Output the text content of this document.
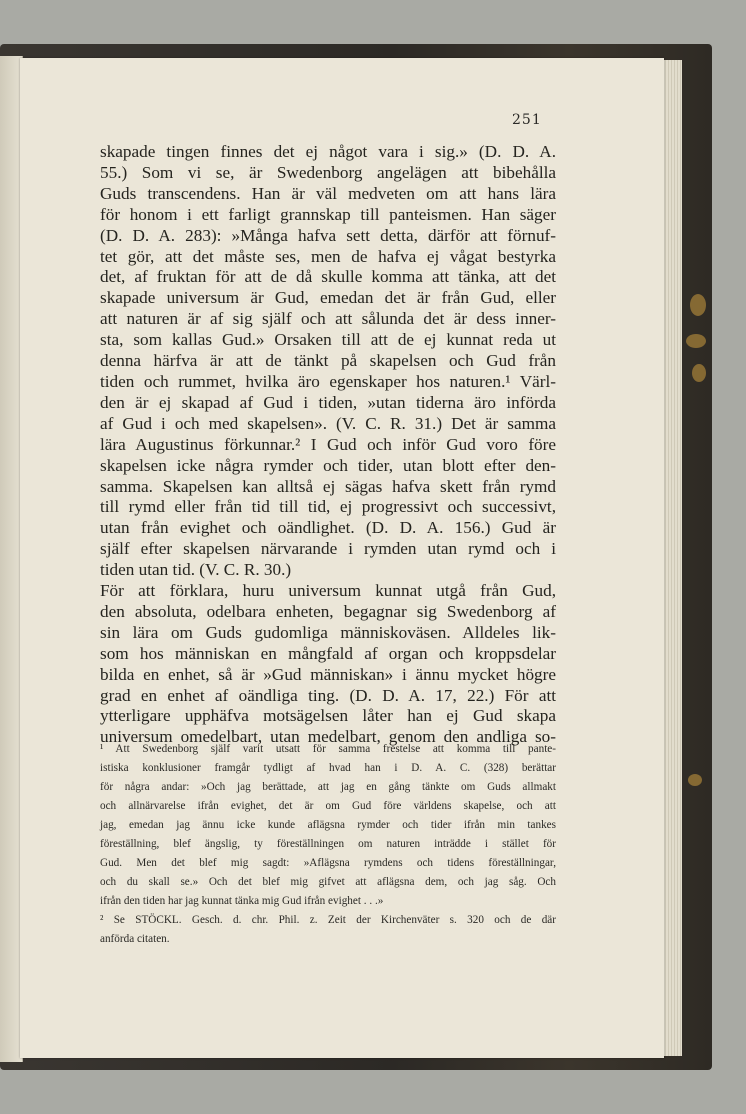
251
skapade tingen finnes det ej något vara i sig.» (D. D. A.
55.) Som vi se, är Swedenborg angelägen att bibehålla
Guds transcendens. Han är väl medveten om att hans lära
för honom i ett farligt grannskap till panteismen. Han säger
(D. D. A. 283): »Många hafva sett detta, därför att förnuf-
tet gör, att det måste ses, men de hafva ej vågat bestyrka
det, af fruktan för att de då skulle komma att tänka, att det
skapade universum är Gud, emedan det är från Gud, eller
att naturen är af sig själf och att sålunda det är dess inner-
sta, som kallas Gud.» Orsaken till att de ej kunnat reda ut
denna härfva är att de tänkt på skapelsen och Gud från
tiden och rummet, hvilka äro egenskaper hos naturen.¹ Värl-
den är ej skapad af Gud i tiden, »utan tiderna äro införda
af Gud i och med skapelsen». (V. C. R. 31.) Det är samma
lära Augustinus förkunnar.² I Gud och inför Gud voro före
skapelsen icke några rymder och tider, utan blott efter den-
samma. Skapelsen kan alltså ej sägas hafva skett från rymd
till rymd eller från tid till tid, ej progressivt och successivt,
utan från evighet och oändlighet. (D. D. A. 156.) Gud är
själf efter skapelsen närvarande i rymden utan rymd och i
tiden utan tid. (V. C. R. 30.)
För att förklara, huru universum kunnat utgå från Gud,
den absoluta, odelbara enheten, begagnar sig Swedenborg af
sin lära om Guds gudomliga människoväsen. Alldeles lik-
som hos människan en mångfald af organ och kroppsdelar
bilda en enhet, så är »Gud människan» i ännu mycket högre
grad en enhet af oändliga ting. (D. D. A. 17, 22.) För att
ytterligare upphäfva motsägelsen låter han ej Gud skapa
universum omedelbart, utan medelbart, genom den andliga so-
¹ Att Swedenborg själf varit utsatt för samma frestelse att komma till pante-
istiska konklusioner framgår tydligt af hvad han i D. A. C. (328) berättar
för några andar: »Och jag berättade, att jag en gång tänkte om Guds allmakt
och allnärvarelse ifrån evighet, det är om Gud före världens skapelse, och att
jag, emedan jag ännu icke kunde aflägsna rymder och tider ifrån min tankes
föreställning, blef ängslig, ty föreställningen om naturen inträdde i stället för
Gud. Men det blef mig sagdt: »Aflägsna rymdens och tidens föreställningar,
och du skall se.» Och det blef mig gifvet att aflägsna dem, och jag såg. Och
ifrån den tiden har jag kunnat tänka mig Gud ifrån evighet . . .»
² Se STÖCKL. Gesch. d. chr. Phil. z. Zeit der Kirchenväter s. 320 och de där
anförda citaten.
